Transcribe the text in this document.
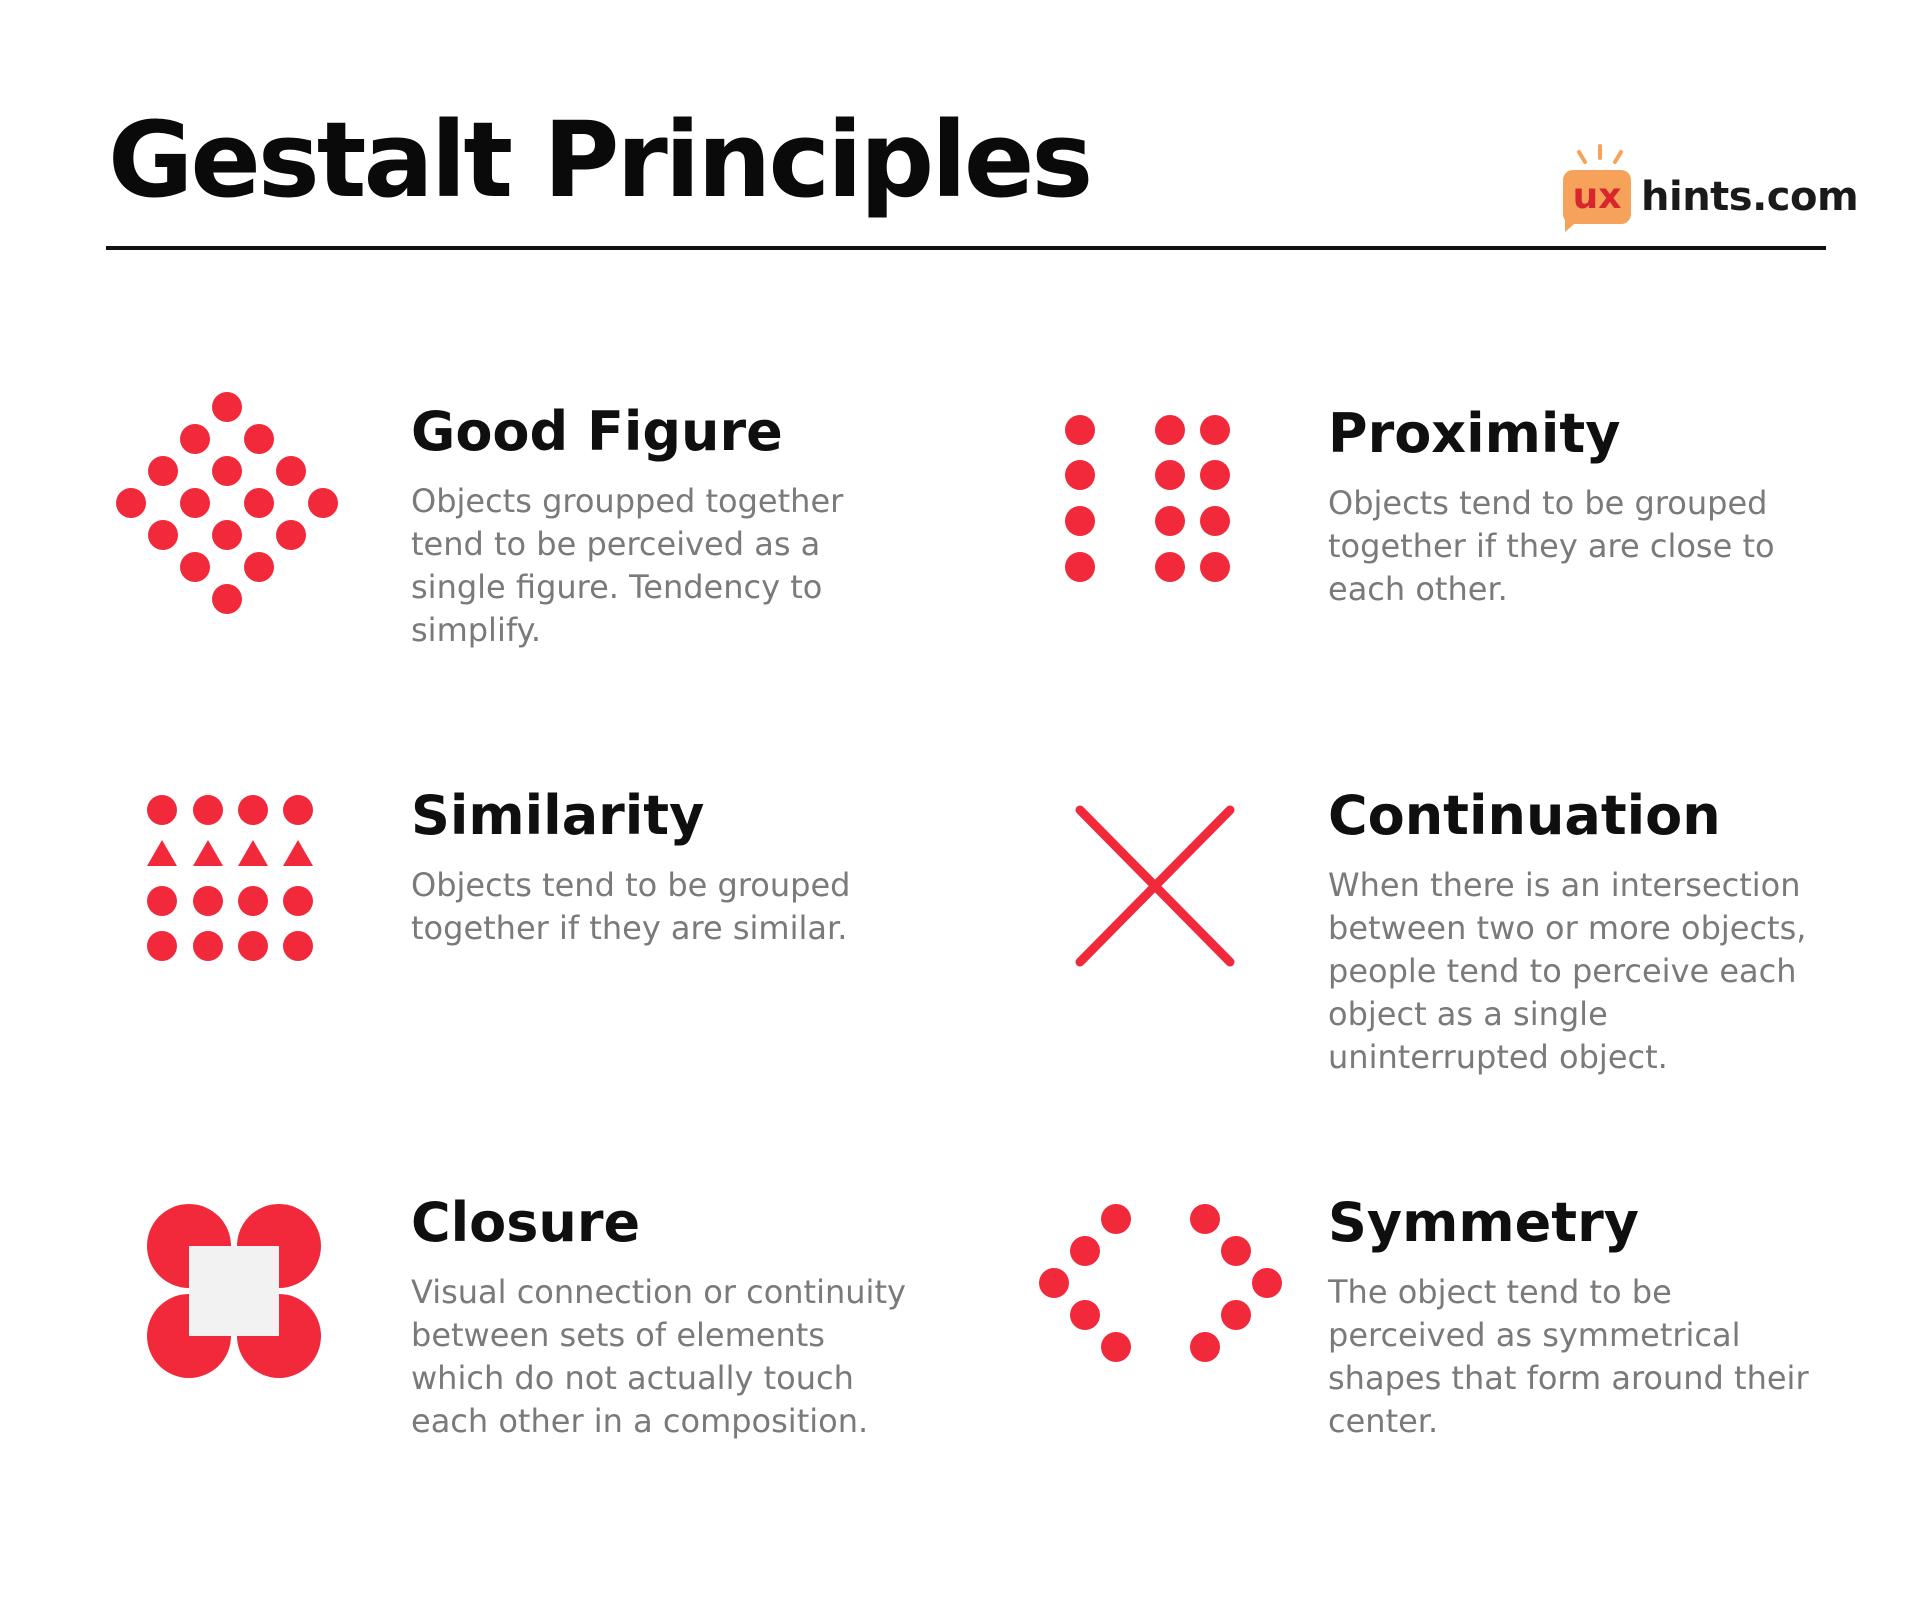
Gestalt Principles	ux hints.com
Good Figure

Objects groupped together tend to be perceived as a single figure. Tendency to simplify.

Proximity

Objects tend to be grouped together if they are close to each other.

Similarity

Objects tend to be grouped together if they are similar.

Continuation

When there is an intersection between two or more objects, people tend to perceive each object as a single uninterrupted object.

Closure

Visual connection or continuity between sets of elements which do not actually touch each other in a composition.

Symmetry

The object tend to be perceived as symmetrical shapes that form around their center.
